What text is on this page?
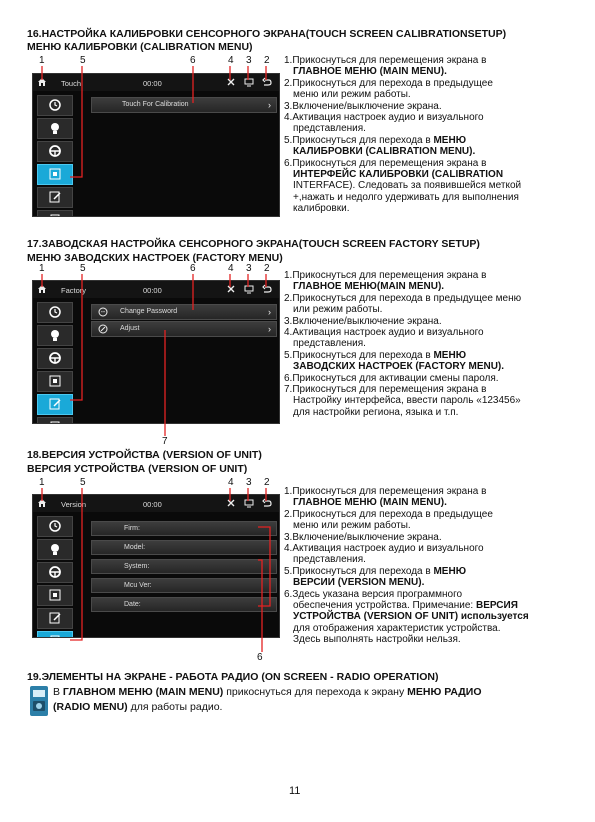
16.НАСТРОЙКА КАЛИБРОВКИ СЕНСОРНОГО ЭКРАНА(TOUCH SCREEN CALIBRATIONSETUP)
МЕНЮ КАЛИБРОВКИ (CALIBRATION MENU)
1	5	6	4 3 2
Touch	00:00
Touch For Calibration	›
1.Прикоснуться для перемещения экрана в
ГЛАВНОЕ МЕНЮ (MAIN MENU).
2.Прикоснуться для перехода в предыдущее
меню или режим работы.
3.Включение/выключение экрана.
4.Активация настроек аудио и визуального
представления.
5.Прикоснуться для перехода в МЕНЮ
КАЛИБРОВКИ (CALIBRATION MENU).
6.Прикоснуться для перемещения экрана в
ИНТЕРФЕЙС КАЛИБРОВКИ (CALIBRATION
INTERFACE). Следовать за появившейся меткой
+,нажать и недолго удерживать для выполнения
калибровки.
17.ЗАВОДСКАЯ НАСТРОЙКА СЕНСОРНОГО ЭКРАНА(TOUCH SCREEN FACTORY SETUP)
МЕНЮ ЗАВОДСКИХ НАСТРОЕК (FACTORY MENU)
1	5	6	4 3 2
7
Factory	00:00
*** Change Password	›
Adjust	›
1.Прикоснуться для перемещения экрана в
ГЛАВНОЕ МЕНЮ(MAIN MENU).
2.Прикоснуться для перехода в предыдущее меню
или режим работы.
3.Включение/выключение экрана.
4.Активация настроек аудио и визуального
представления.
5.Прикоснуться для перехода в МЕНЮ
ЗАВОДСКИХ НАСТРОЕК (FACTORY MENU).
6.Прикоснуться для активации смены пароля.
7.Прикоснуться для перемещения экрана в
Настройку интерфейса, ввести пароль «123456»
для настройки региона, языка и т.п.
18.ВЕРСИЯ УСТРОЙСТВА (VERSION OF UNIT)
ВЕРСИЯ УСТРОЙСТВА (VERSION OF UNIT)
1	5	4 3 2
6
Version	00:00
Firm:
Model:
System:
Mcu Ver:
Date:
1.Прикоснуться для перемещения экрана в
ГЛАВНОЕ МЕНЮ (MAIN MENU).
2.Прикоснуться для перехода в предыдущее
меню или режим работы.
3.Включение/выключение экрана.
4.Активация настроек аудио и визуального
представления.
5.Прикоснуться для перехода в МЕНЮ
ВЕРСИИ (VERSION MENU).
6.Здесь указана версия программного
обеспечения устройства. Примечание: ВЕРСИЯ
УСТРОЙСТВА (VERSION OF UNIT) используется
для отображения характеристик устройства.
Здесь выполнять настройки нельзя.
19.ЭЛЕМЕНТЫ НА ЭКРАНЕ - РАБОТА РАДИО (ON SCREEN - RADIO OPERATION)
В ГЛАВНОМ МЕНЮ (MAIN MENU) прикоснуться для перехода к экрану МЕНЮ РАДИО
(RADIO MENU) для работы радио.
11
